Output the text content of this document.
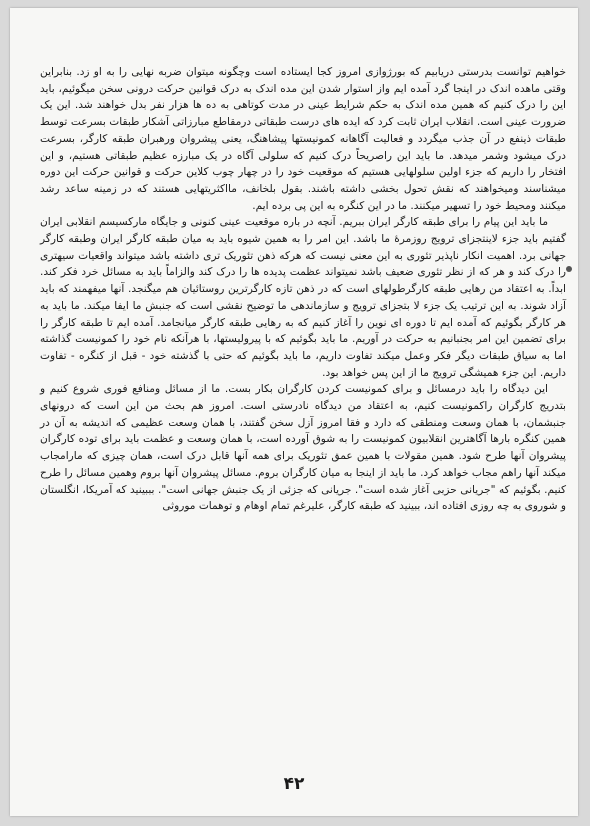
خواهیم توانست بدرستی دریابیم که بورژوازی امروز کجا ایستاده است وچگونه میتوان ضربه نهایی را به او زد. بنابراین وقتی ماهده اندک در اینجا گرد آمده ایم واز استوار شدن این مده اندک به درک قوانین حرکت درونی سخن میگوئیم، باید این را درک کنیم که همین مده اندک به حکم شرایط عینی در مدت کوتاهی به ده ها هزار نفر بدل خواهند شد. این یک ضرورت عینی است. انقلاب ایران ثابت کرد که ایده های درست طبقاتی درمقاطع مبارزاتی آشکار طبقات بسرعت توسط طبقات ذینفع در آن جذب میگردد و فعالیت آگاهانه کمونیستها پیشاهنگ، یعنی پیشروان ورهبران طبقه کارگر، بسرعت درک میشود وشمر میدهد. ما باید این راصریحاً درک کنیم که سلولی آگاه در یک مبارزه عظیم طبقاتی هستیم، و این افتخار را داریم که جزء اولین سلولهایی هستیم که موقعیت خود را در چهار چوب کلاین حرکت و قوانین حرکت این دوره میشناسند ومیخواهند که نقش تحول بخشی داشته باشند. بقول بلخانف، مااکثریتهایی هستند که در زمینه ساعد رشد میکنند ومحیط خود را تسهیر میکنند. ما در این کنگره به این پی برده ایم.

ما باید این پیام را برای طبقه کارگر ایران ببریم. آنچه در باره موقعیت عینی کنونی و جایگاه مارکسیسم انقلابی ایران گفتیم باید جزء لاینتجزای ترویج روزمرهٔ ما باشد. این امر را به همین شیوه باید به میان طبقه کارگر ایران وطبقه کارگر جهانی برد. اهمیت انکار ناپذیر تئوری به این معنی نیست که هرکه ذهن تئوریک تری داشته باشد میتواند واقعیات سیهتری را درک کند و هر که از نظر تئوری ضعیف باشد نمیتواند عظمت پدیده ها را درک کند والزاماً باید به مسائل خرد فکر کند. ابداً. به اعتقاد من رهایی طبقه کارگرطولهای است که در ذهن تازه کارگرترین روستائیان هم میگنجد. آنها میفهمند که باید آزاد شوند. به این ترتیب یک جزء لا بتجزای ترویج و سازماندهی ما توضیح نقشی است که جنبش ما ایفا میکند. ما باید به هر کارگر بگوئیم که آمده ایم تا دوره ای نوین را آغاز کنیم که به رهایی طبقه کارگر میانجامد. آمده ایم تا طبقه کارگر را برای تضمین این امر بجنبانیم به حرکت در آوریم. ما باید بگوئیم که با پیرولیستها، با هرآنکه نام خود را کمونیست گذاشته اما به سیاق طبقات دیگر فکر وعمل میکند تفاوت داریم، ما باید بگوئیم که حتی با گذشته خود - قبل از کنگره - تفاوت داریم. این جزء همیشگی ترویج ما از این پس خواهد بود.

این دیدگاه را باید درمسائل و برای کمونیست کردن کارگران بکار بست. ما از مسائل ومنافع فوری شروع کنیم و بتدریج کارگران راکمونیست کنیم، به اعتقاد من دیدگاه نادرستی است. امروز هم بحث من این است که درونهای جنبشمان، با همان وسعت ومنطقی که دارد و فقا امروز آزل سخن گفتند، با همان وسعت عظیمی که اندیشه به آن در همین کنگره بارها آگاهترین انقلابیون کمونیست را به شوق آورده است، با همان وسعت و عظمت باید برای توده کارگران پیشروان آنها طرح شود. همین مقولات با همین عمق تئوریک برای همه آنها قابل درک است، همان چیزی که مارامجاب میکند آنها راهم مجاب خواهد کرد. ما باید از اینجا به میان کارگران بروم. مسائل پیشروان آنها بروم وهمین مسائل را طرح کنیم. بگوئیم که "جریانی حزبی آغاز شده است". جریانی که جزئی از یک جنبش جهانی است". بببینید که آمریکا، انگلستان و شوروی به چه روزی افتاده اند، ببینید که طبقه کارگر، علیرغم تمام اوهام و توهمات موروثی

۴۲
